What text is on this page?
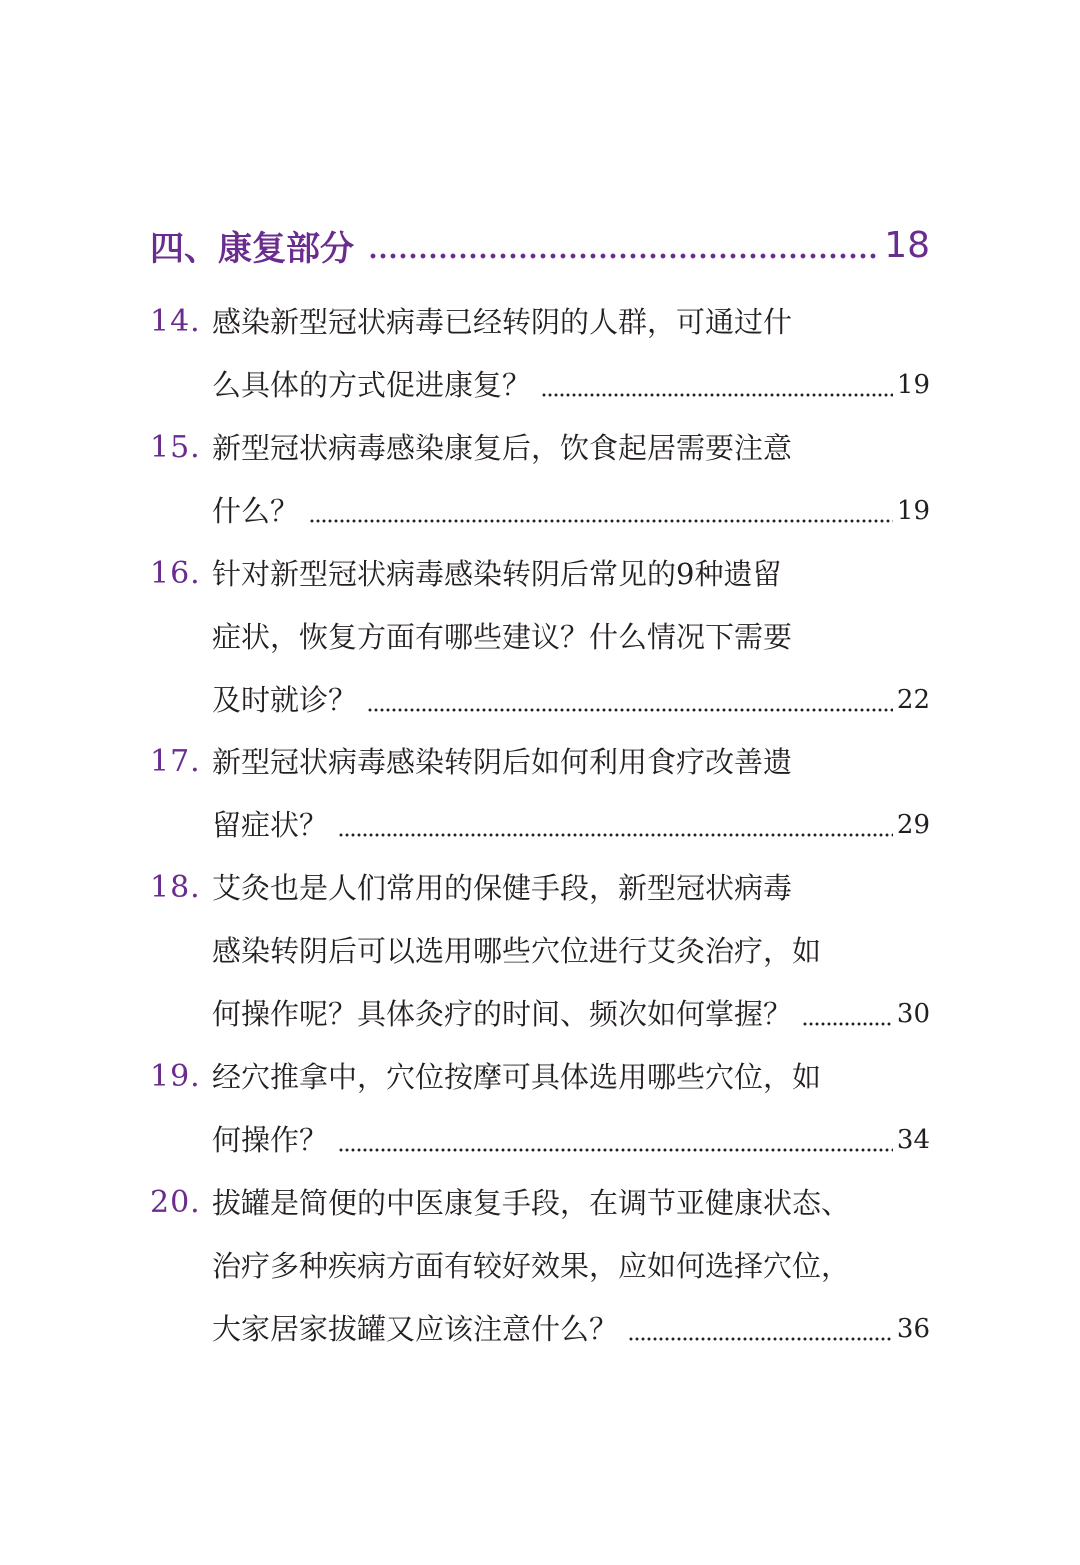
四、康复部分	18
14. 感染新型冠状病毒已经转阴的人群，可通过什
么具体的方式促进康复？	19
15. 新型冠状病毒感染康复后，饮食起居需要注意
什么？	19
16. 针对新型冠状病毒感染转阴后常见的9种遗留
症状，恢复方面有哪些建议？什么情况下需要
及时就诊？	22
17. 新型冠状病毒感染转阴后如何利用食疗改善遗
留症状？	29
18. 艾灸也是人们常用的保健手段，新型冠状病毒
感染转阴后可以选用哪些穴位进行艾灸治疗，如
何操作呢？具体灸疗的时间、频次如何掌握？	30
19. 经穴推拿中，穴位按摩可具体选用哪些穴位，如
何操作？	34
20. 拔罐是简便的中医康复手段，在调节亚健康状态、
治疗多种疾病方面有较好效果，应如何选择穴位，
大家居家拔罐又应该注意什么？	36
